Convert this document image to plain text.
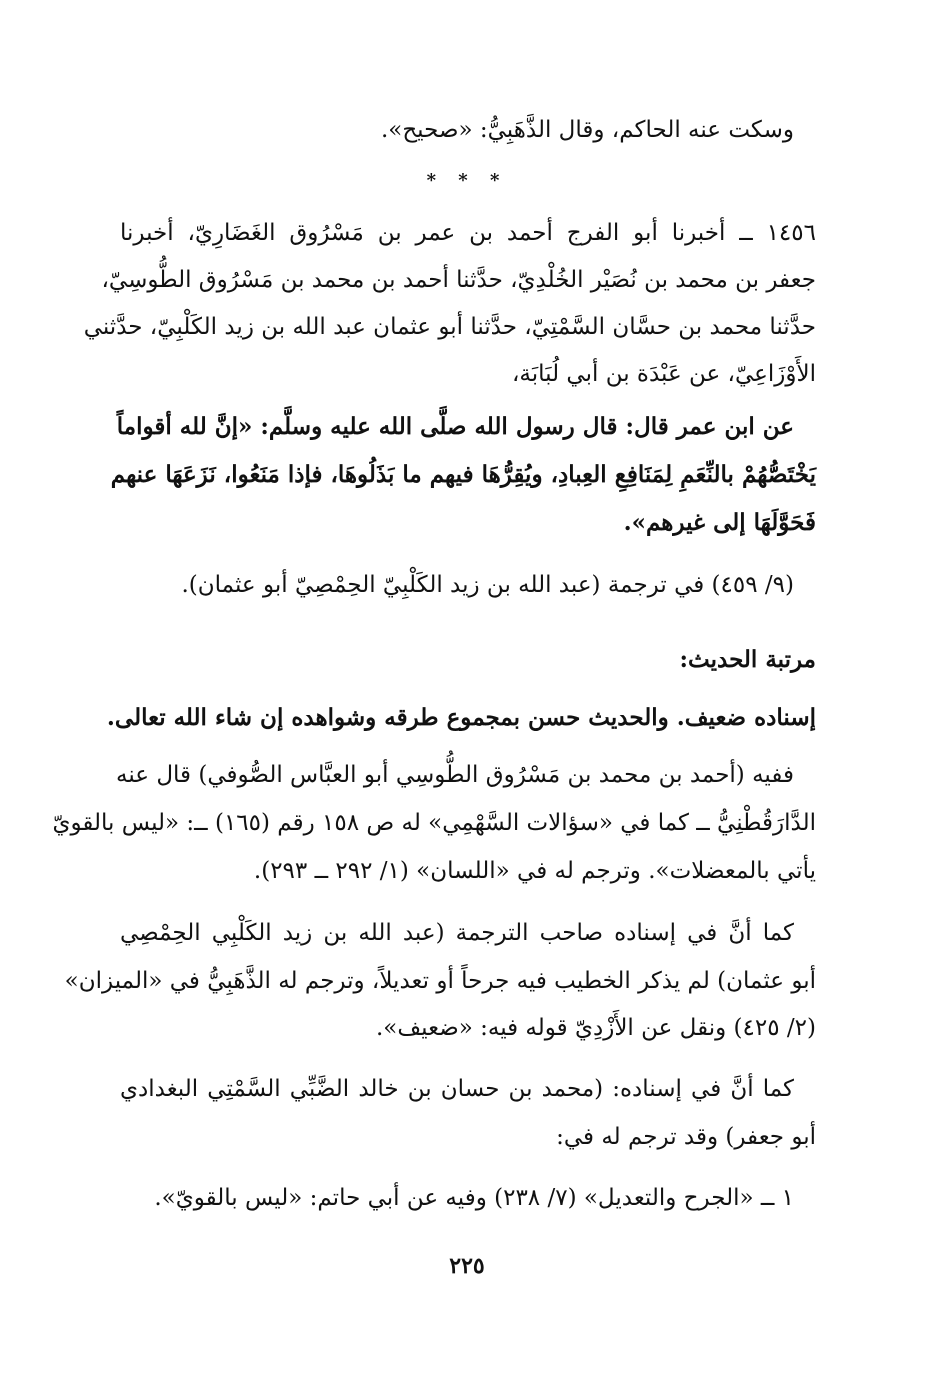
وسكت عنه الحاكم، وقال الذَّهَبِيُّ: «صحيح».
* * *
١٤٥٦ ــ أخبرنا أبو الفرج أحمد بن عمر بن مَسْرُوق الغَضَارِيّ، أخبرنا
جعفر بن محمد بن نُصَيْر الخُلْدِيّ، حدَّثنا أحمد بن محمد بن مَسْرُوق الطُّوسِيّ،
حدَّثنا محمد بن حسَّان السَّمْتِيّ، حدَّثنا أبو عثمان عبد الله بن زيد الكَلْبِيّ، حدَّثني
الأَوْزَاعِيّ، عن عَبْدَة بن أبي لُبَابَة،
عن ابن عمر قال: قال رسول الله صلَّى الله عليه وسلَّم: «إنَّ لله أقواماً
يَخْتَصُّهُمْ بالنِّعَمِ لِمَنَافِعِ العِبادِ، ويُقِرُّهَا فيهم ما بَذَلُوهَا، فإذا مَنَعُوا، نَزَعَهَا عنهم
فَحَوَّلَهَا إلى غيرهم».
(٩/ ٤٥٩) في ترجمة (عبد الله بن زيد الكَلْبِيّ الحِمْصِيّ أبو عثمان).
مرتبة الحديث:
إسناده ضعيف. والحديث حسن بمجموع طرقه وشواهده إن شاء الله تعالى.
ففيه (أحمد بن محمد بن مَسْرُوق الطُّوسِي أبو العبَّاس الصُّوفي) قال عنه
الدَّارَقُطْنِيُّ ــ كما في «سؤالات السَّهْمِي» له ص ١٥٨ رقم (١٦٥) ــ: «ليس بالقويّ
يأتي بالمعضلات». وترجم له في «اللسان» (١/ ٢٩٢ ــ ٢٩٣).
كما أنَّ في إسناده صاحب الترجمة (عبد الله بن زيد الكَلْبِي الحِمْصِي
أبو عثمان) لم يذكر الخطيب فيه جرحاً أو تعديلاً، وترجم له الذَّهَبِيُّ في «الميزان»
(٢/ ٤٢٥) ونقل عن الأَزْدِيّ قوله فيه: «ضعيف».
كما أنَّ في إسناده: (محمد بن حسان بن خالد الضَّبِّي السَّمْتِي البغدادي
أبو جعفر) وقد ترجم له في:
١ ــ «الجرح والتعديل» (٧/ ٢٣٨) وفيه عن أبي حاتم: «ليس بالقويّ».
٢٢٥
